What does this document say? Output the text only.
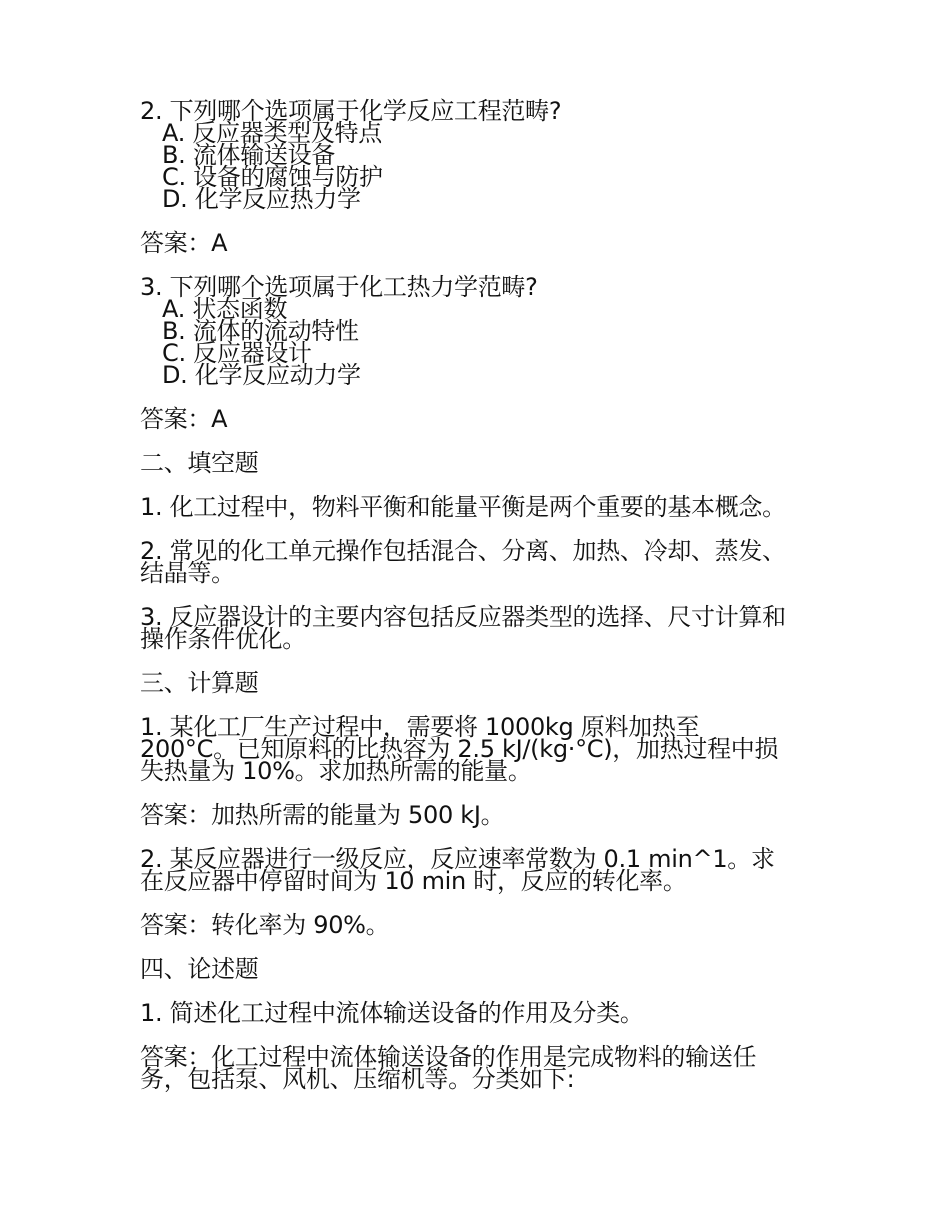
2. 下列哪个选项属于化学反应工程范畴?

A. 反应器类型及特点
B. 流体输送设备
C. 设备的腐蚀与防护
D. 化学反应热力学

答案：A

3. 下列哪个选项属于化工热力学范畴?

A. 状态函数
B. 流体的流动特性
C. 反应器设计
D. 化学反应动力学

答案：A

二、填空题

1. 化工过程中，物料平衡和能量平衡是两个重要的基本概念。

2. 常见的化工单元操作包括混合、分离、加热、冷却、蒸发、结晶等。

3. 反应器设计的主要内容包括反应器类型的选择、尺寸计算和操作条件优化。

三、计算题

1. 某化工厂生产过程中，需要将 1000kg 原料加热至 200°C。已知原料的比热容为 2.5 kJ/(kg·°C)，加热过程中损失热量为 10%。求加热所需的能量。

答案：加热所需的能量为 500 kJ。

2. 某反应器进行一级反应，反应速率常数为 0.1 min^1。求在反应器中停留时间为 10 min 时，反应的转化率。

答案：转化率为 90%。

四、论述题

1. 简述化工过程中流体输送设备的作用及分类。

答案：化工过程中流体输送设备的作用是完成物料的输送任务，包括泵、风机、压缩机等。分类如下:
